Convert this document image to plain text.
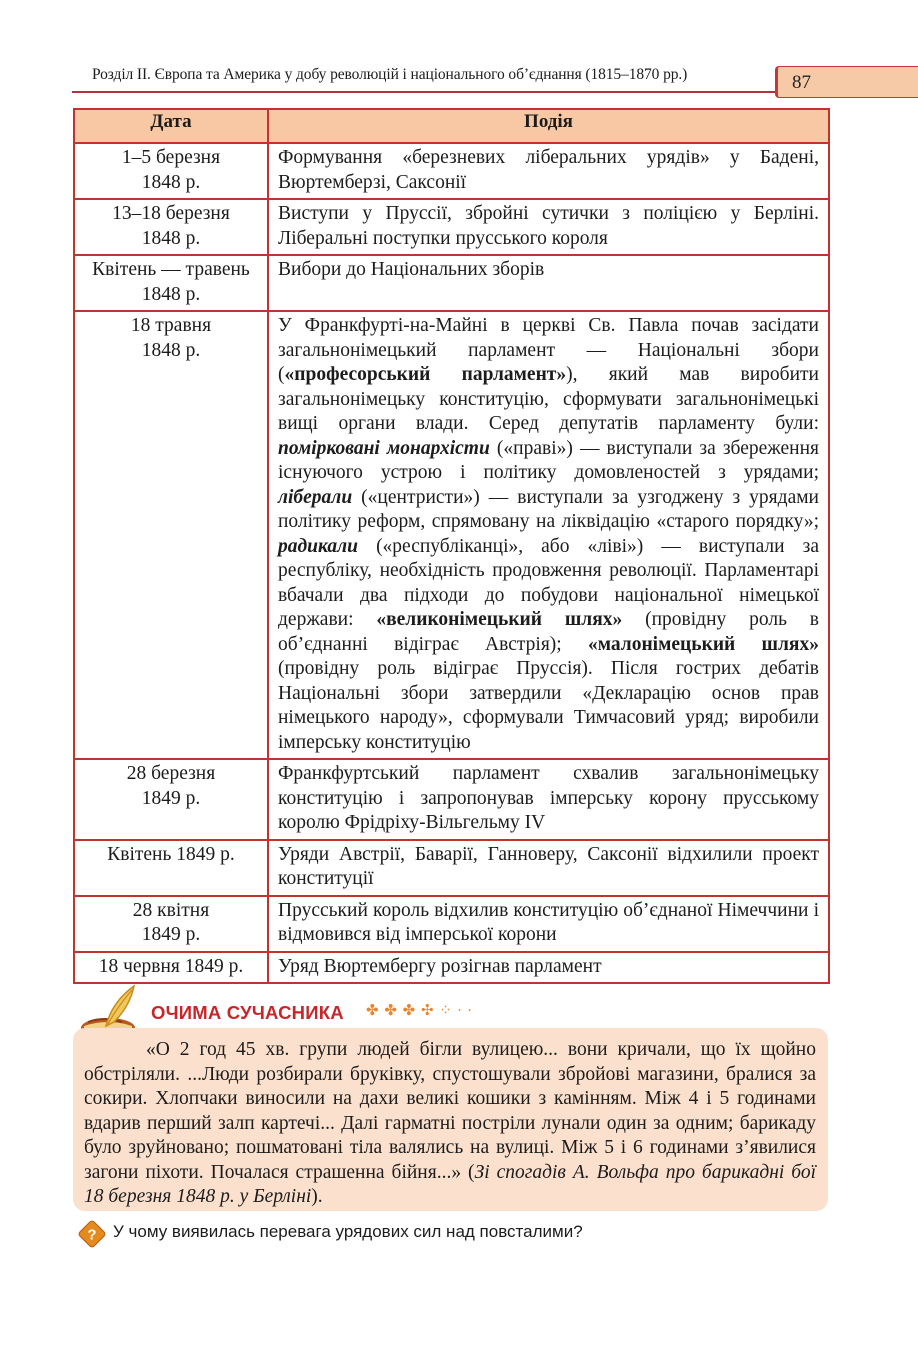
Розділ ІІ. Європа та Америка у добу революцій і національного об’єднання (1815–1870 рр.)	87
Дата	Подія
1–5 березня
1848 р.	Формування «березневих ліберальних урядів» у Бадені, Вюртемберзі, Саксонії
13–18 березня
1848 р.	Виступи у Пруссії, збройні сутички з поліцією у Берліні. Ліберальні поступки прусського короля
Квітень — травень
1848 р.	Вибори до Національних зборів
18 травня
1848 р.	У Франкфурті-на-Майні в церкві Св. Павла почав засідати загальнонімецький парламент — Національні збори («професорський парламент»), який мав виробити загальнонімецьку конституцію, сформувати загальнонімецькі вищі органи влади. Серед депутатів парламенту були: помірковані монархісти («праві») — виступали за збереження існуючого устрою і політику домовленостей з урядами; ліберали («центристи») — виступали за узгоджену з урядами політику реформ, спрямовану на ліквідацію «старого порядку»; радикали («республіканці», або «ліві») — виступали за республіку, необхідність продовження революції. Парламентарі вбачали два підходи до побудови національної німецької держави: «великонімецький шлях» (провідну роль в об’єднанні відіграє Австрія); «малонімецький шлях» (провідну роль відіграє Пруссія). Після гострих дебатів Національні збори затвердили «Декларацію основ прав німецького народу», сформували Тимчасовий уряд; виробили імперську конституцію
28 березня
1849 р.	Франкфуртський парламент схвалив загальнонімецьку конституцію і запропонував імперську корону прусському королю Фрідріху-Вільгельму IV
Квітень 1849 р.	Уряди Австрії, Баварії, Ганноверу, Саксонії відхилили проект конституції
28 квітня
1849 р.	Прусський король відхилив конституцію об’єднаної Німеччини і відмовився від імперської корони
18 червня 1849 р.	Уряд Вюртембергу розігнав парламент
ОЧИМА СУЧАСНИКА ✤ ✤ ✤ ✣ ⁘ ∙ ·
«О 2 год 45 хв. групи людей бігли вулицею... вони кричали, що їх щойно обстріляли. ...Люди розбирали бруківку, спустошували збройові магазини, бралися за сокири. Хлопчаки виносили на дахи великі кошики з камінням. Між 4 і 5 годинами вдарив перший залп картечі... Далі гарматні постріли лунали один за одним; барикаду було зруйновано; пошматовані тіла валялись на вулиці. Між 5 і 6 годинами з’явилися загони піхоти. Почалася страшенна бійня...» (Зі спогадів А. Вольфа про барикадні бої 18 березня 1848 р. у Берліні).
? У чому виявилась перевага урядових сил над повсталими?
